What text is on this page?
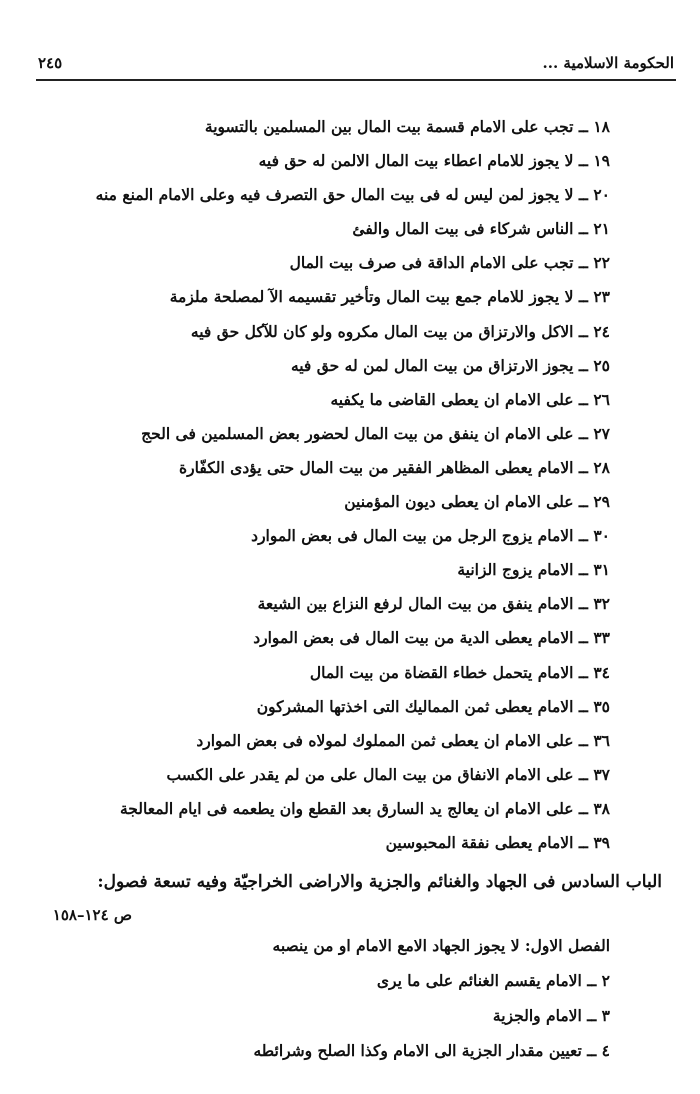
الحكومة الاسلامية ...
٢٤٥
١٨ ــ تجب على الامام قسمة بيت المال بين المسلمين بالتسوية
١٩ ــ لا يجوز للامام اعطاء بيت المال الالمن له حق فيه
٢٠ ــ لا يجوز لمن ليس له فى بيت المال حق التصرف فيه وعلى الامام المنع منه
٢١ ــ الناس شركاء فى بيت المال والفئ
٢٢ ــ تجب على الامام الداقة فى صرف بيت المال
٢٣ ــ لا يجوز للامام جمع بيت المال وتأخير تقسيمه الآ لمصلحة ملزمة
٢٤ ــ الاكل والارتزاق من بيت المال مكروه ولو كان للآكل حق فيه
٢٥ ــ يجوز الارتزاق من بيت المال لمن له حق فيه
٢٦ ــ على الامام ان يعطى القاضى ما يكفيه
٢٧ ــ على الامام ان ينفق من بيت المال لحضور بعض المسلمين فى الحج
٢٨ ــ الامام يعطى المظاهر الفقير من بيت المال حتى يؤدى الكفّارة
٢٩ ــ على الامام ان يعطى ديون المؤمنين
٣٠ ــ الامام يزوج الرجل من بيت المال فى بعض الموارد
٣١ ــ الامام يزوج الزانية
٣٢ ــ الامام ينفق من بيت المال لرفع النزاع بين الشيعة
٣٣ ــ الامام يعطى الدية من بيت المال فى بعض الموارد
٣٤ ــ الامام يتحمل خطاء القضاة من بيت المال
٣٥ ــ الامام يعطى ثمن المماليك التى اخذتها المشركون
٣٦ ــ على الامام ان يعطى ثمن المملوك لمولاه فى بعض الموارد
٣٧ ــ على الامام الانفاق من بيت المال على من لم يقدر على الكسب
٣٨ ــ على الامام ان يعالج يد السارق بعد القطع وان يطعمه فى ايام المعالجة
٣٩ ــ الامام يعطى نفقة المحبوسين
الباب السادس فى الجهاد والغنائم والجزية والاراضى الخراجيّة وفيه تسعة فصول:
ص ١٢٤–١٥٨
الفصل الاول: لا يجوز الجهاد الامع الامام او من ينصبه
٢ ــ الامام يقسم الغنائم على ما يرى
٣ ــ الامام والجزية
٤ ــ تعيين مقدار الجزية الى الامام وكذا الصلح وشرائطه
